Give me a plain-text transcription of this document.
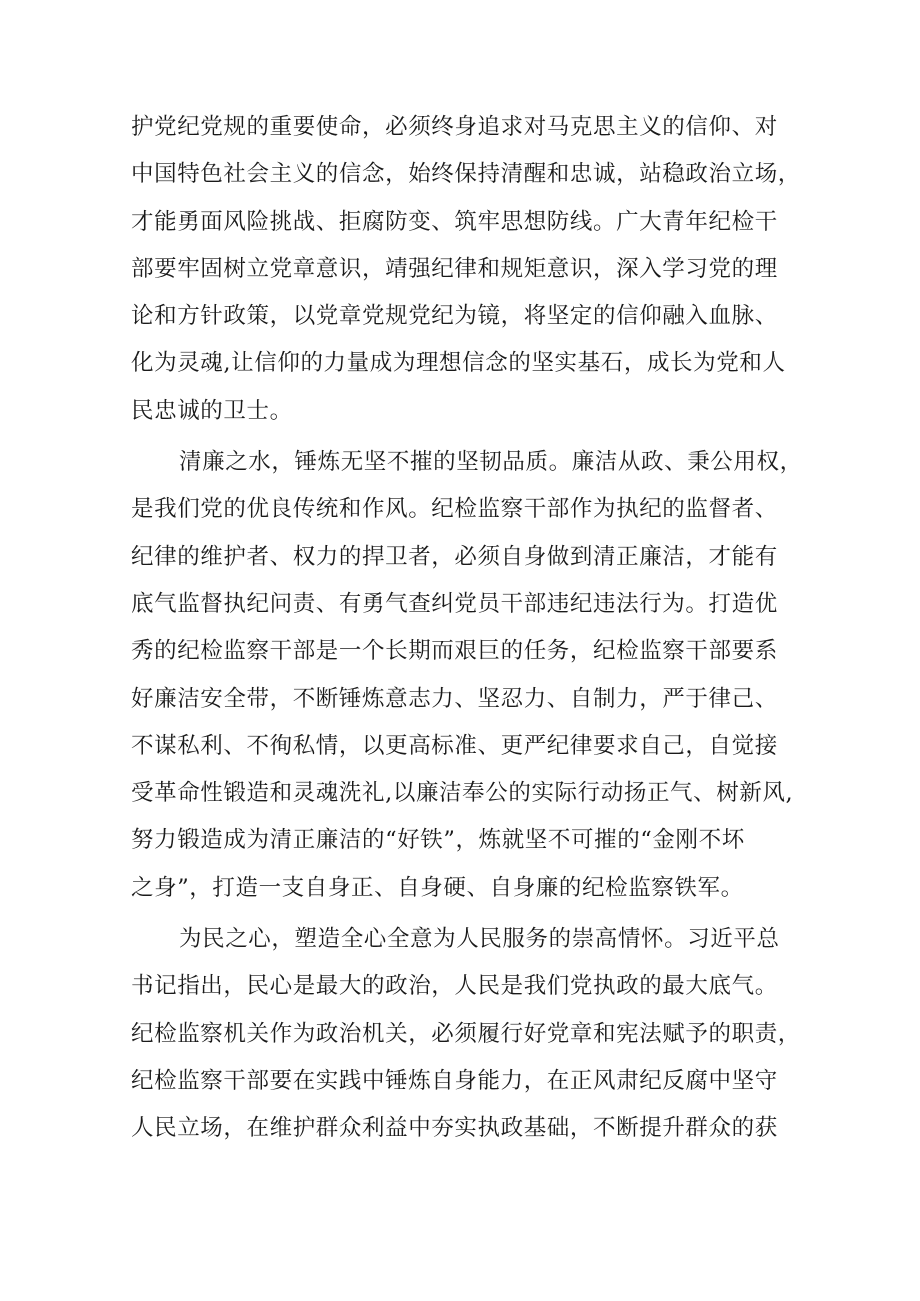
护党纪党规的重要使命，必须终身追求对马克思主义的信仰、对
中国特色社会主义的信念，始终保持清醒和忠诚，站稳政治立场，
才能勇面风险挑战、拒腐防变、筑牢思想防线。广大青年纪检干
部要牢固树立党章意识，靖强纪律和规矩意识，深入学习党的理
论和方针政策，以党章党规党纪为镜，将坚定的信仰融入血脉、
化为灵魂,让信仰的力量成为理想信念的坚实基石，成长为党和人
民忠诚的卫士。
清廉之水，锤炼无坚不摧的坚韧品质。廉洁从政、秉公用权，
是我们党的优良传统和作风。纪检监察干部作为执纪的监督者、
纪律的维护者、权力的捍卫者，必须自身做到清正廉洁，才能有
底气监督执纪问责、有勇气查纠党员干部违纪违法行为。打造优
秀的纪检监察干部是一个长期而艰巨的任务，纪检监察干部要系
好廉洁安全带，不断锤炼意志力、坚忍力、自制力，严于律己、
不谋私利、不徇私情，以更高标准、更严纪律要求自己，自觉接
受革命性锻造和灵魂洗礼,以廉洁奉公的实际行动扬正气、树新风,
努力锻造成为清正廉洁的“好铁”，炼就坚不可摧的“金刚不坏
之身”，打造一支自身正、自身硬、自身廉的纪检监察铁军。
为民之心，塑造全心全意为人民服务的崇高情怀。习近平总
书记指出，民心是最大的政治，人民是我们党执政的最大底气。
纪检监察机关作为政治机关，必须履行好党章和宪法赋予的职责，
纪检监察干部要在实践中锤炼自身能力，在正风肃纪反腐中坚守
人民立场，在维护群众利益中夯实执政基础，不断提升群众的获
